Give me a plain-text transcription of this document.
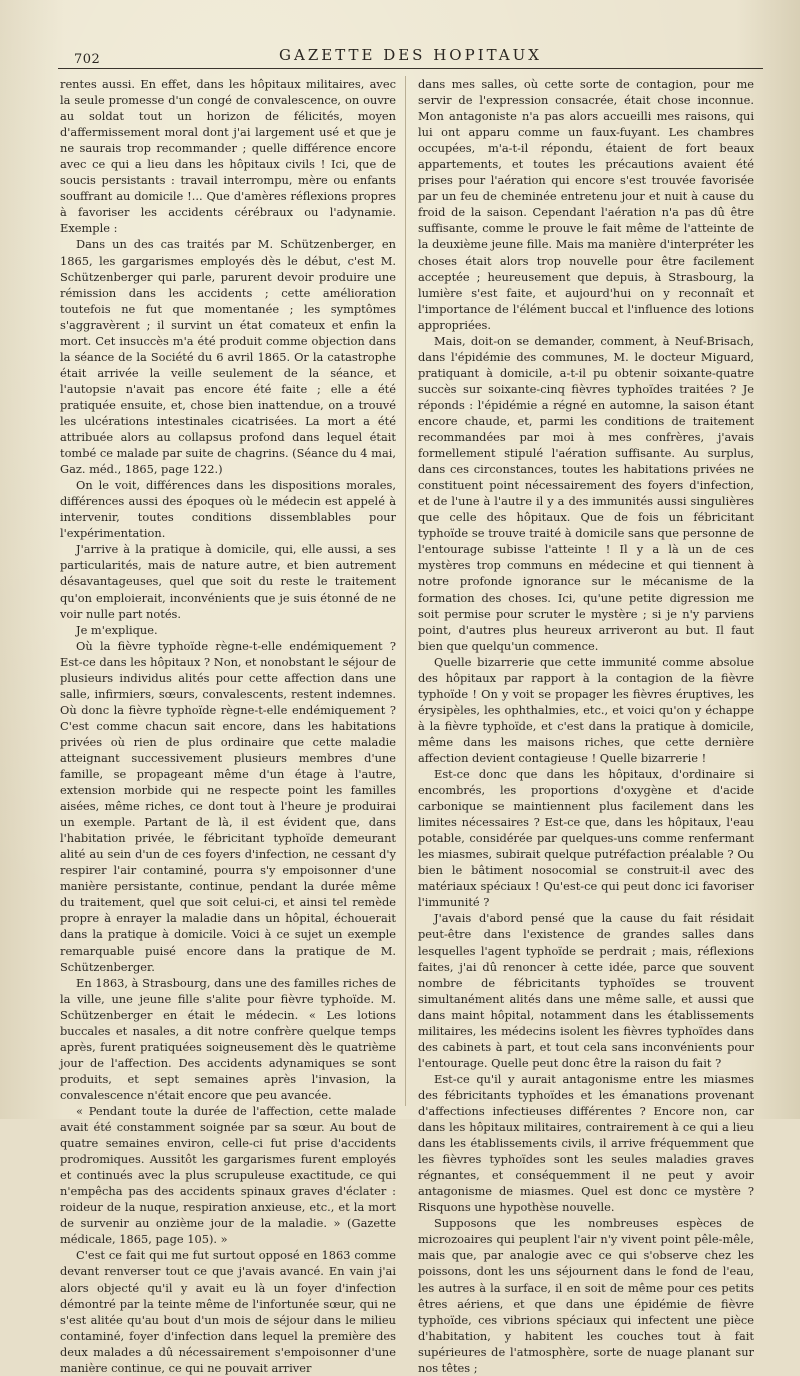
702	GAZETTE DES HOPITAUX

rentes aussi. En effet, dans les hôpitaux militaires, avec la seule promesse d'un congé de convalescence, on ouvre au soldat tout un horizon de félicités, moyen d'affermissement moral dont j'ai largement usé et que je ne saurais trop recommander ; quelle différence encore avec ce qui a lieu dans les hôpitaux civils ! Ici, que de soucis persistants : travail interrompu, mère ou enfants souffrant au domicile !... Que d'amères réflexions propres à favoriser les accidents cérébraux ou l'adynamie. Exemple :

Dans un des cas traités par M. Schützenberger, en 1865, les gargarismes employés dès le début, c'est M. Schützenberger qui parle, parurent devoir produire une rémission dans les accidents ; cette amélioration toutefois ne fut que momentanée ; les symptômes s'aggravèrent ; il survint un état comateux et enfin la mort. Cet insuccès m'a été produit comme objection dans la séance de la Société du 6 avril 1865. Or la catastrophe était arrivée la veille seulement de la séance, et l'autopsie n'avait pas encore été faite ; elle a été pratiquée ensuite, et, chose bien inattendue, on a trouvé les ulcérations intestinales cicatrisées. La mort a été attribuée alors au collapsus profond dans lequel était tombé ce malade par suite de chagrins. (Séance du 4 mai, Gaz. méd., 1865, page 122.)

On le voit, différences dans les dispositions morales, différences aussi des époques où le médecin est appelé à intervenir, toutes conditions dissemblables pour l'expérimentation.

J'arrive à la pratique à domicile, qui, elle aussi, a ses particularités, mais de nature autre, et bien autrement désavantageuses, quel que soit du reste le traitement qu'on emploierait, inconvénients que je suis étonné de ne voir nulle part notés.

Je m'explique.

Où la fièvre typhoïde règne-t-elle endémiquement ? Est-ce dans les hôpitaux ? Non, et nonobstant le séjour de plusieurs individus alités pour cette affection dans une salle, infirmiers, sœurs, convalescents, restent indemnes. Où donc la fièvre typhoïde règne-t-elle endémiquement ? C'est comme chacun sait encore, dans les habitations privées où rien de plus ordinaire que cette maladie atteignant successivement plusieurs membres d'une famille, se propageant même d'un étage à l'autre, extension morbide qui ne respecte point les familles aisées, même riches, ce dont tout à l'heure je produirai un exemple. Partant de là, il est évident que, dans l'habitation privée, le fébricitant typhoïde demeurant alité au sein d'un de ces foyers d'infection, ne cessant d'y respirer l'air contaminé, pourra s'y empoisonner d'une manière persistante, continue, pendant la durée même du traitement, quel que soit celui-ci, et ainsi tel remède propre à enrayer la maladie dans un hôpital, échouerait dans la pratique à domicile. Voici à ce sujet un exemple remarquable puisé encore dans la pratique de M. Schützenberger.

En 1863, à Strasbourg, dans une des familles riches de la ville, une jeune fille s'alite pour fièvre typhoïde. M. Schützenberger en était le médecin. « Les lotions buccales et nasales, a dit notre confrère quelque temps après, furent pratiquées soigneusement dès le quatrième jour de l'affection. Des accidents adynamiques se sont produits, et sept semaines après l'invasion, la convalescence n'était encore que peu avancée.

« Pendant toute la durée de l'affection, cette malade avait été constamment soignée par sa sœur. Au bout de quatre semaines environ, celle-ci fut prise d'accidents prodromiques. Aussitôt les gargarismes furent employés et continués avec la plus scrupuleuse exactitude, ce qui n'empêcha pas des accidents spinaux graves d'éclater : roideur de la nuque, respiration anxieuse, etc., et la mort de survenir au onzième jour de la maladie. » (Gazette médicale, 1865, page 105). »

C'est ce fait qui me fut surtout opposé en 1863 comme devant renverser tout ce que j'avais avancé. En vain j'ai alors objecté qu'il y avait eu là un foyer d'infection démontré par la teinte même de l'infortunée sœur, qui ne s'est alitée qu'au bout d'un mois de séjour dans le milieu contaminé, foyer d'infection dans lequel la première des deux malades a dû nécessairement s'empoisonner d'une manière continue, ce qui ne pouvait arriver

dans mes salles, où cette sorte de contagion, pour me servir de l'expression consacrée, était chose inconnue. Mon antagoniste n'a pas alors accueilli mes raisons, qui lui ont apparu comme un faux-fuyant. Les chambres occupées, m'a-t-il répondu, étaient de fort beaux appartements, et toutes les précautions avaient été prises pour l'aération qui encore s'est trouvée favorisée par un feu de cheminée entretenu jour et nuit à cause du froid de la saison. Cependant l'aération n'a pas dû être suffisante, comme le prouve le fait même de l'atteinte de la deuxième jeune fille. Mais ma manière d'interpréter les choses était alors trop nouvelle pour être facilement acceptée ; heureusement que depuis, à Strasbourg, la lumière s'est faite, et aujourd'hui on y reconnaît et l'importance de l'élément buccal et l'influence des lotions appropriées.

Mais, doit-on se demander, comment, à Neuf-Brisach, dans l'épidémie des communes, M. le docteur Miguard, pratiquant à domicile, a-t-il pu obtenir soixante-quatre succès sur soixante-cinq fièvres typhoïdes traitées ? Je réponds : l'épidémie a régné en automne, la saison étant encore chaude, et, parmi les conditions de traitement recommandées par moi à mes confrères, j'avais formellement stipulé l'aération suffisante. Au surplus, dans ces circonstances, toutes les habitations privées ne constituent point nécessairement des foyers d'infection, et de l'une à l'autre il y a des immunités aussi singulières que celle des hôpitaux. Que de fois un fébricitant typhoïde se trouve traité à domicile sans que personne de l'entourage subisse l'atteinte ! Il y a là un de ces mystères trop communs en médecine et qui tiennent à notre profonde ignorance sur le mécanisme de la formation des choses. Ici, qu'une petite digression me soit permise pour scruter le mystère ; si je n'y parviens point, d'autres plus heureux arriveront au but. Il faut bien que quelqu'un commence.

Quelle bizarrerie que cette immunité comme absolue des hôpitaux par rapport à la contagion de la fièvre typhoïde ! On y voit se propager les fièvres éruptives, les érysipèles, les ophthalmies, etc., et voici qu'on y échappe à la fièvre typhoïde, et c'est dans la pratique à domicile, même dans les maisons riches, que cette dernière affection devient contagieuse ! Quelle bizarrerie !

Est-ce donc que dans les hôpitaux, d'ordinaire si encombrés, les proportions d'oxygène et d'acide carbonique se maintiennent plus facilement dans les limites nécessaires ? Est-ce que, dans les hôpitaux, l'eau potable, considérée par quelques-uns comme renfermant les miasmes, subirait quelque putréfaction préalable ? Ou bien le bâtiment nosocomial se construit-il avec des matériaux spéciaux ! Qu'est-ce qui peut donc ici favoriser l'immunité ?

J'avais d'abord pensé que la cause du fait résidait peut-être dans l'existence de grandes salles dans lesquelles l'agent typhoïde se perdrait ; mais, réflexions faites, j'ai dû renoncer à cette idée, parce que souvent nombre de fébricitants typhoïdes se trouvent simultanément alités dans une même salle, et aussi que dans maint hôpital, notamment dans les établissements militaires, les médecins isolent les fièvres typhoïdes dans des cabinets à part, et tout cela sans inconvénients pour l'entourage. Quelle peut donc être la raison du fait ?

Est-ce qu'il y aurait antagonisme entre les miasmes des fébricitants typhoïdes et les émanations provenant d'affections infectieuses différentes ? Encore non, car dans les hôpitaux militaires, contrairement à ce qui a lieu dans les établissements civils, il arrive fréquemment que les fièvres typhoïdes sont les seules maladies graves régnantes, et conséquemment il ne peut y avoir antagonisme de miasmes. Quel est donc ce mystère ? Risquons une hypothèse nouvelle.

Supposons que les nombreuses espèces de microzoaires qui peuplent l'air n'y vivent point pêle-mêle, mais que, par analogie avec ce qui s'observe chez les poissons, dont les uns séjournent dans le fond de l'eau, les autres à la surface, il en soit de même pour ces petits êtres aériens, et que dans une épidémie de fièvre typhoïde, ces vibrions spéciaux qui infectent une pièce d'habitation, y habitent les couches tout à fait supérieures de l'atmosphère, sorte de nuage planant sur nos têtes ;
